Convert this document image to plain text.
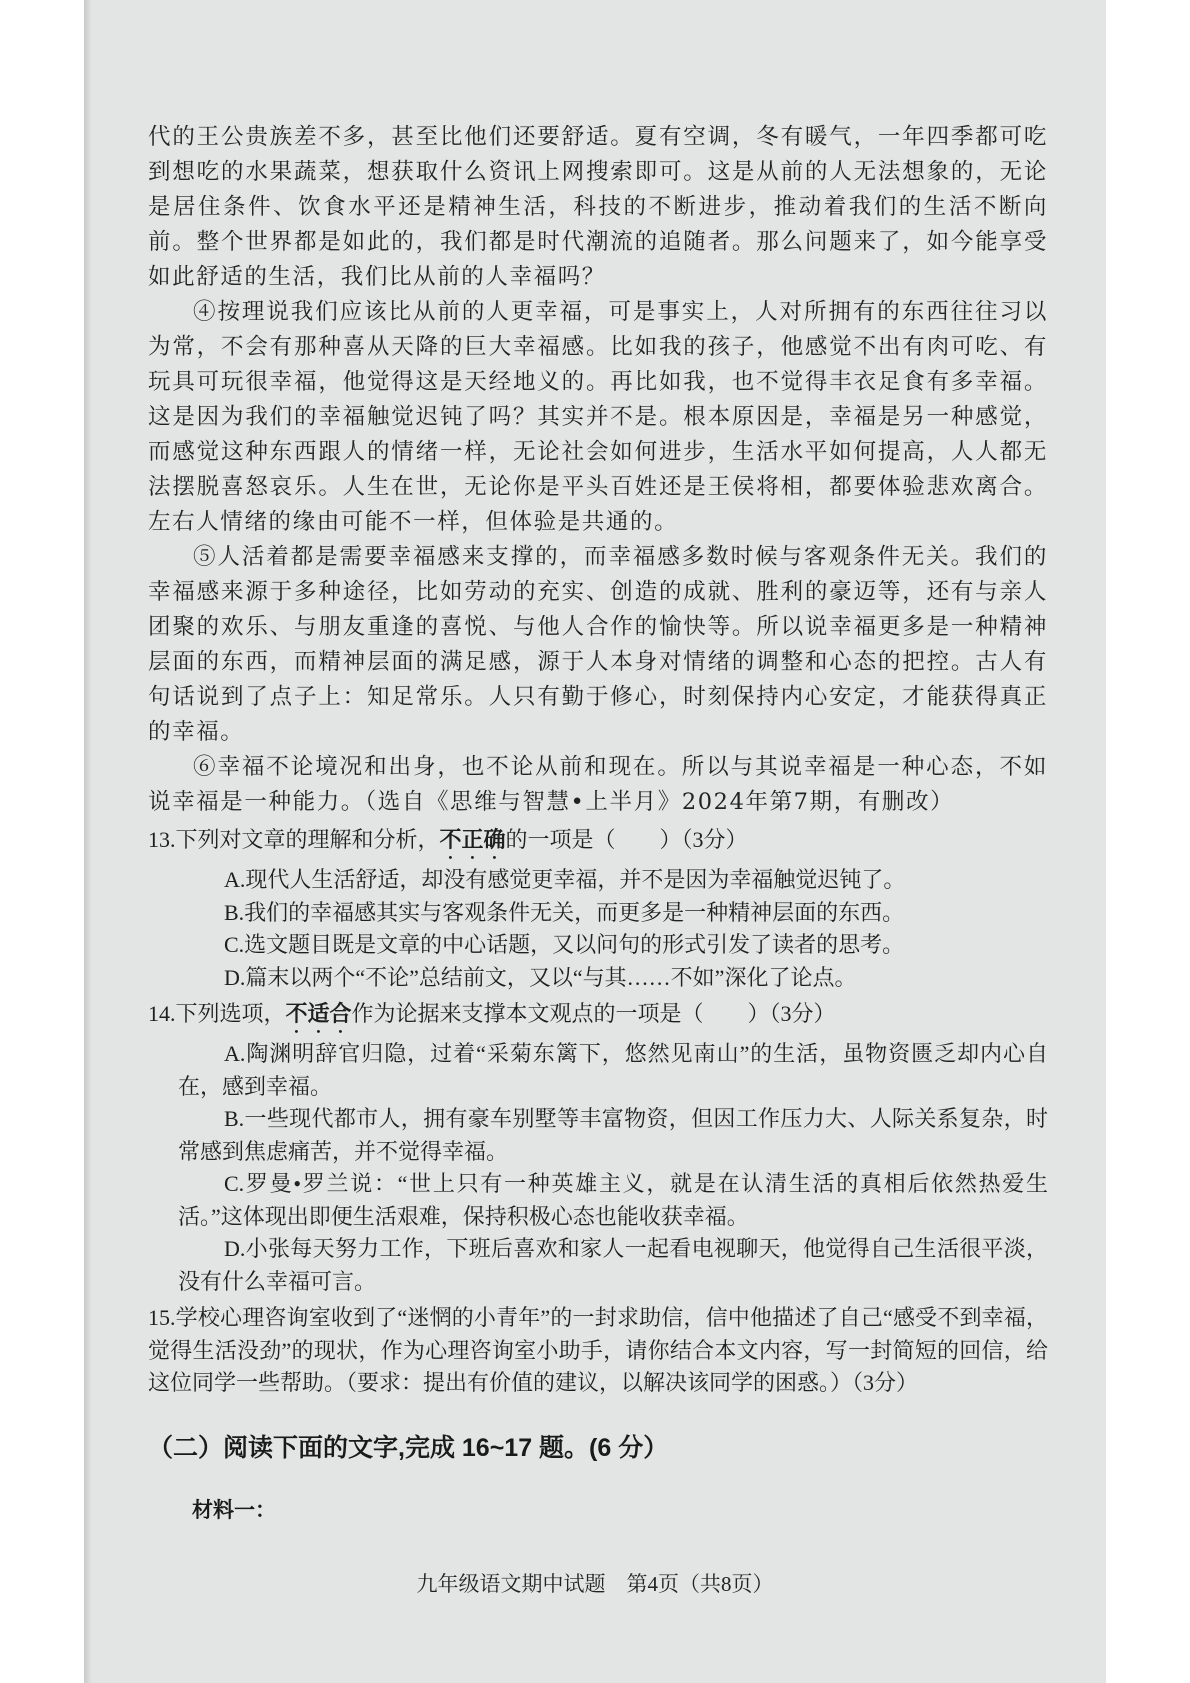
代的王公贵族差不多，甚至比他们还要舒适。夏有空调，冬有暖气，一年四季都可吃到想吃的水果蔬菜，想获取什么资讯上网搜索即可。这是从前的人无法想象的，无论是居住条件、饮食水平还是精神生活，科技的不断进步，推动着我们的生活不断向前。整个世界都是如此的，我们都是时代潮流的追随者。那么问题来了，如今能享受如此舒适的生活，我们比从前的人幸福吗？

④按理说我们应该比从前的人更幸福，可是事实上，人对所拥有的东西往往习以为常，不会有那种喜从天降的巨大幸福感。比如我的孩子，他感觉不出有肉可吃、有玩具可玩很幸福，他觉得这是天经地义的。再比如我，也不觉得丰衣足食有多幸福。这是因为我们的幸福触觉迟钝了吗？其实并不是。根本原因是，幸福是另一种感觉，而感觉这种东西跟人的情绪一样，无论社会如何进步，生活水平如何提高，人人都无法摆脱喜怒哀乐。人生在世，无论你是平头百姓还是王侯将相，都要体验悲欢离合。左右人情绪的缘由可能不一样，但体验是共通的。

⑤人活着都是需要幸福感来支撑的，而幸福感多数时候与客观条件无关。我们的幸福感来源于多种途径，比如劳动的充实、创造的成就、胜利的豪迈等，还有与亲人团聚的欢乐、与朋友重逢的喜悦、与他人合作的愉快等。所以说幸福更多是一种精神层面的东西，而精神层面的满足感，源于人本身对情绪的调整和心态的把控。古人有句话说到了点子上：知足常乐。人只有勤于修心，时刻保持内心安定，才能获得真正的幸福。

⑥幸福不论境况和出身，也不论从前和现在。所以与其说幸福是一种心态，不如说幸福是一种能力。（选自《思维与智慧•上半月》2024年第7期，有删改）

13.下列对文章的理解和分析，不正确的一项是（　　）（3分）

A.现代人生活舒适，却没有感觉更幸福，并不是因为幸福触觉迟钝了。

B.我们的幸福感其实与客观条件无关，而更多是一种精神层面的东西。

C.选文题目既是文章的中心话题，又以问句的形式引发了读者的思考。

D.篇末以两个“不论”总结前文，又以“与其……不如”深化了论点。

14.下列选项，不适合作为论据来支撑本文观点的一项是（　　）（3分）

A.陶渊明辞官归隐，过着“采菊东篱下，悠然见南山”的生活，虽物资匮乏却内心自在，感到幸福。

B.一些现代都市人，拥有豪车别墅等丰富物资，但因工作压力大、人际关系复杂，时常感到焦虑痛苦，并不觉得幸福。

C.罗曼•罗兰说：“世上只有一种英雄主义，就是在认清生活的真相后依然热爱生活。”这体现出即便生活艰难，保持积极心态也能收获幸福。

D.小张每天努力工作，下班后喜欢和家人一起看电视聊天，他觉得自己生活很平淡，没有什么幸福可言。

15.学校心理咨询室收到了“迷惘的小青年”的一封求助信，信中他描述了自己“感受不到幸福，觉得生活没劲”的现状，作为心理咨询室小助手，请你结合本文内容，写一封简短的回信，给这位同学一些帮助。（要求：提出有价值的建议，以解决该同学的困惑。）（3分）

（二）阅读下面的文字,完成 16~17 题。(6 分）

材料一：

九年级语文期中试题　第4页（共8页）
